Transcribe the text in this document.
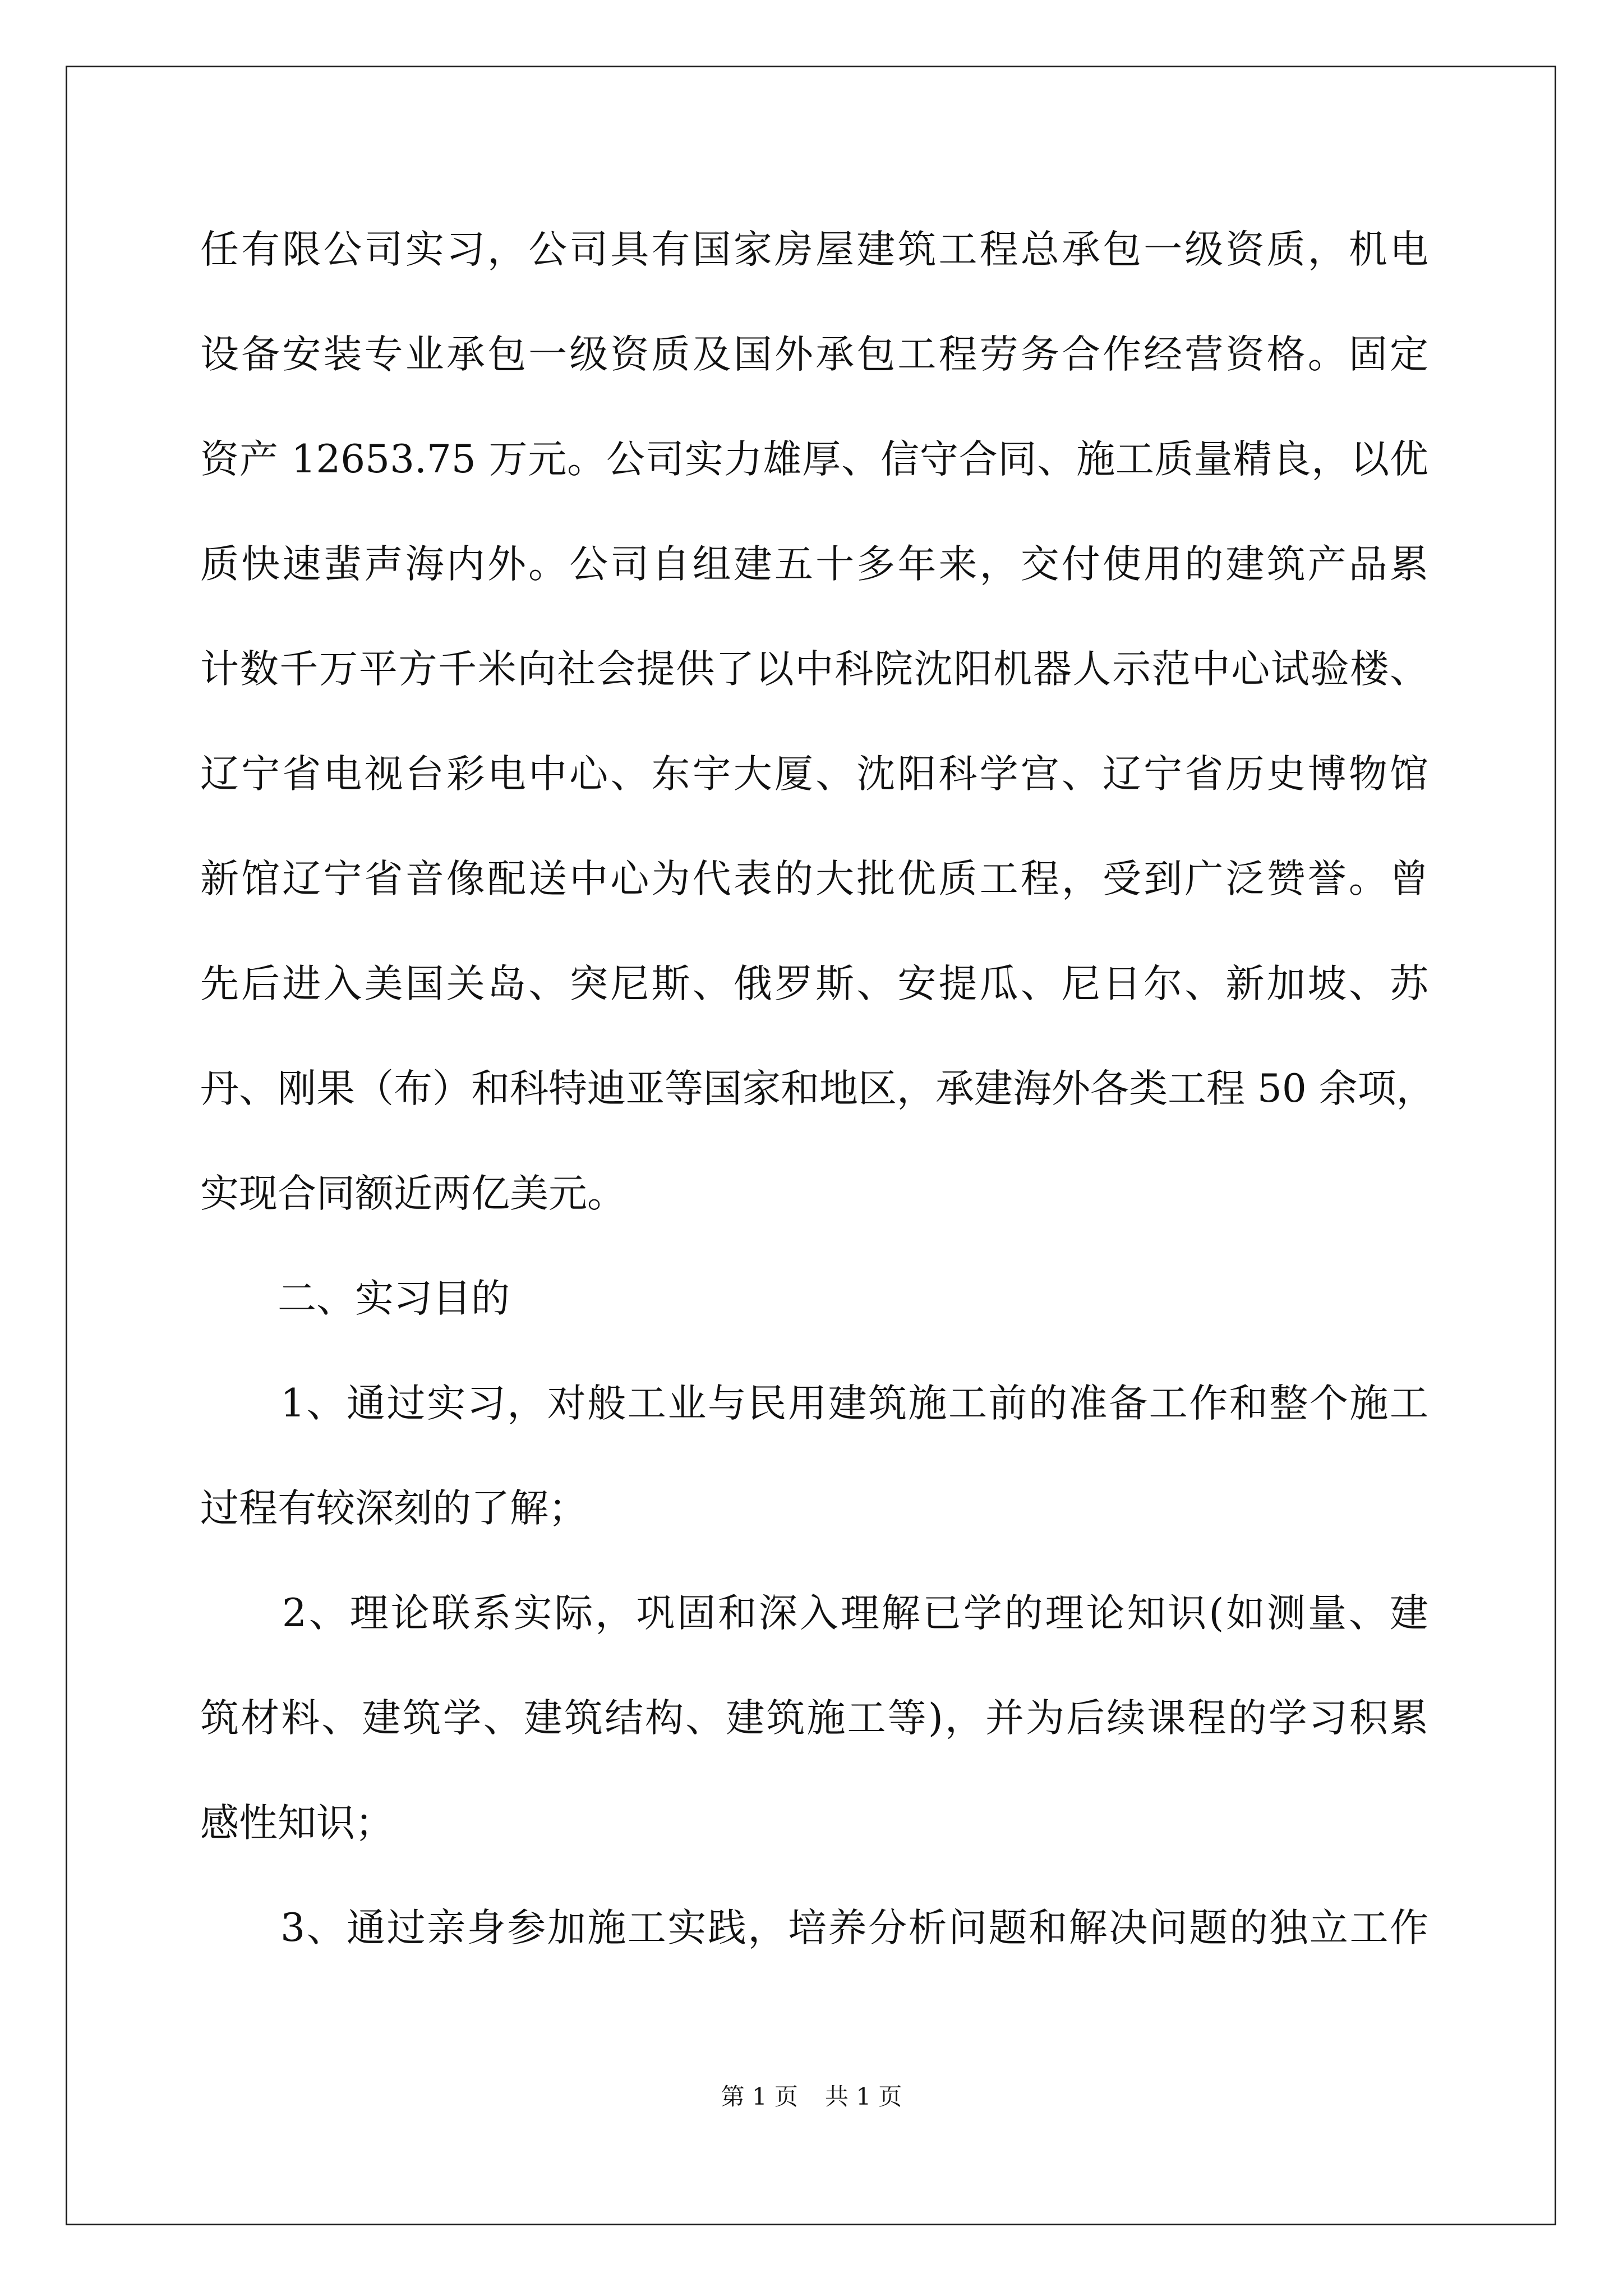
任有限公司实习，公司具有国家房屋建筑工程总承包一级资质，机电
设备安装专业承包一级资质及国外承包工程劳务合作经营资格。固定
资产 12653.75 万元。公司实力雄厚、信守合同、施工质量精良，以优
质快速蜚声海内外。公司自组建五十多年来，交付使用的建筑产品累
计数千万平方千米向社会提供了以中科院沈阳机器人示范中心试验楼、
辽宁省电视台彩电中心、东宇大厦、沈阳科学宫、辽宁省历史博物馆
新馆辽宁省音像配送中心为代表的大批优质工程，受到广泛赞誉。曾
先后进入美国关岛、突尼斯、俄罗斯、安提瓜、尼日尔、新加坡、苏
丹、刚果（布）和科特迪亚等国家和地区，承建海外各类工程 50 余项，
实现合同额近两亿美元。
　　二、实习目的
　　1、通过实习，对般工业与民用建筑施工前的准备工作和整个施工
过程有较深刻的了解；
　　2、理论联系实际，巩固和深入理解已学的理论知识(如测量、建
筑材料、建筑学、建筑结构、建筑施工等)，并为后续课程的学习积累
感性知识；
　　3、通过亲身参加施工实践，培养分析问题和解决问题的独立工作
第 1 页 共 1 页
